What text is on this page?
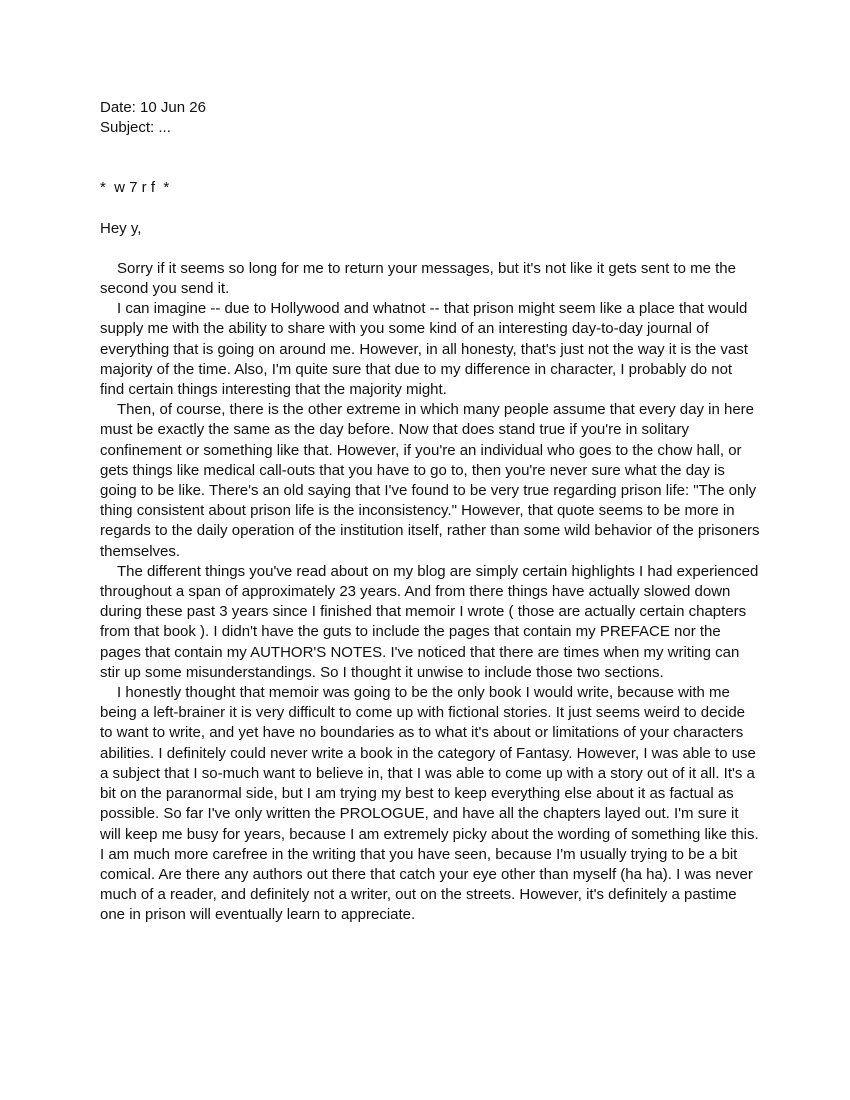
Date: 10 Jun 26
Subject: ...
*  w 7 r f  *
Hey y,

Sorry if it seems so long for me to return your messages, but it's not like it gets sent to me the second you send it.

I can imagine -- due to Hollywood and whatnot -- that prison might seem like a place that would supply me with the ability to share with you some kind of an interesting day-to-day journal of everything that is going on around me. However, in all honesty, that's just not the way it is the vast majority of the time. Also, I'm quite sure that due to my difference in character, I probably do not find certain things interesting that the majority might.

Then, of course, there is the other extreme in which many people assume that every day in here must be exactly the same as the day before. Now that does stand true if you're in solitary confinement or something like that. However, if you're an individual who goes to the chow hall, or gets things like medical call-outs that you have to go to, then you're never sure what the day is going to be like. There's an old saying that I've found to be very true regarding prison life: "The only thing consistent about prison life is the inconsistency." However, that quote seems to be more in regards to the daily operation of the institution itself, rather than some wild behavior of the prisoners themselves.

The different things you've read about on my blog are simply certain highlights I had experienced throughout a span of approximately 23 years. And from there things have actually slowed down during these past 3 years since I finished that memoir I wrote ( those are actually certain chapters from that book ). I didn't have the guts to include the pages that contain my PREFACE nor the pages that contain my AUTHOR'S NOTES. I've noticed that there are times when my writing can stir up some misunderstandings. So I thought it unwise to include those two sections.

I honestly thought that memoir was going to be the only book I would write, because with me being a left-brainer it is very difficult to come up with fictional stories. It just seems weird to decide to want to write, and yet have no boundaries as to what it's about or limitations of your characters abilities. I definitely could never write a book in the category of Fantasy. However, I was able to use a subject that I so-much want to believe in, that I was able to come up with a story out of it all. It's a bit on the paranormal side, but I am trying my best to keep everything else about it as factual as possible. So far I've only written the PROLOGUE, and have all the chapters layed out. I'm sure it will keep me busy for years, because I am extremely picky about the wording of something like this. I am much more carefree in the writing that you have seen, because I'm usually trying to be a bit comical. Are there any authors out there that catch your eye other than myself (ha ha). I was never much of a reader, and definitely not a writer, out on the streets. However, it's definitely a pastime one in prison will eventually learn to appreciate.
